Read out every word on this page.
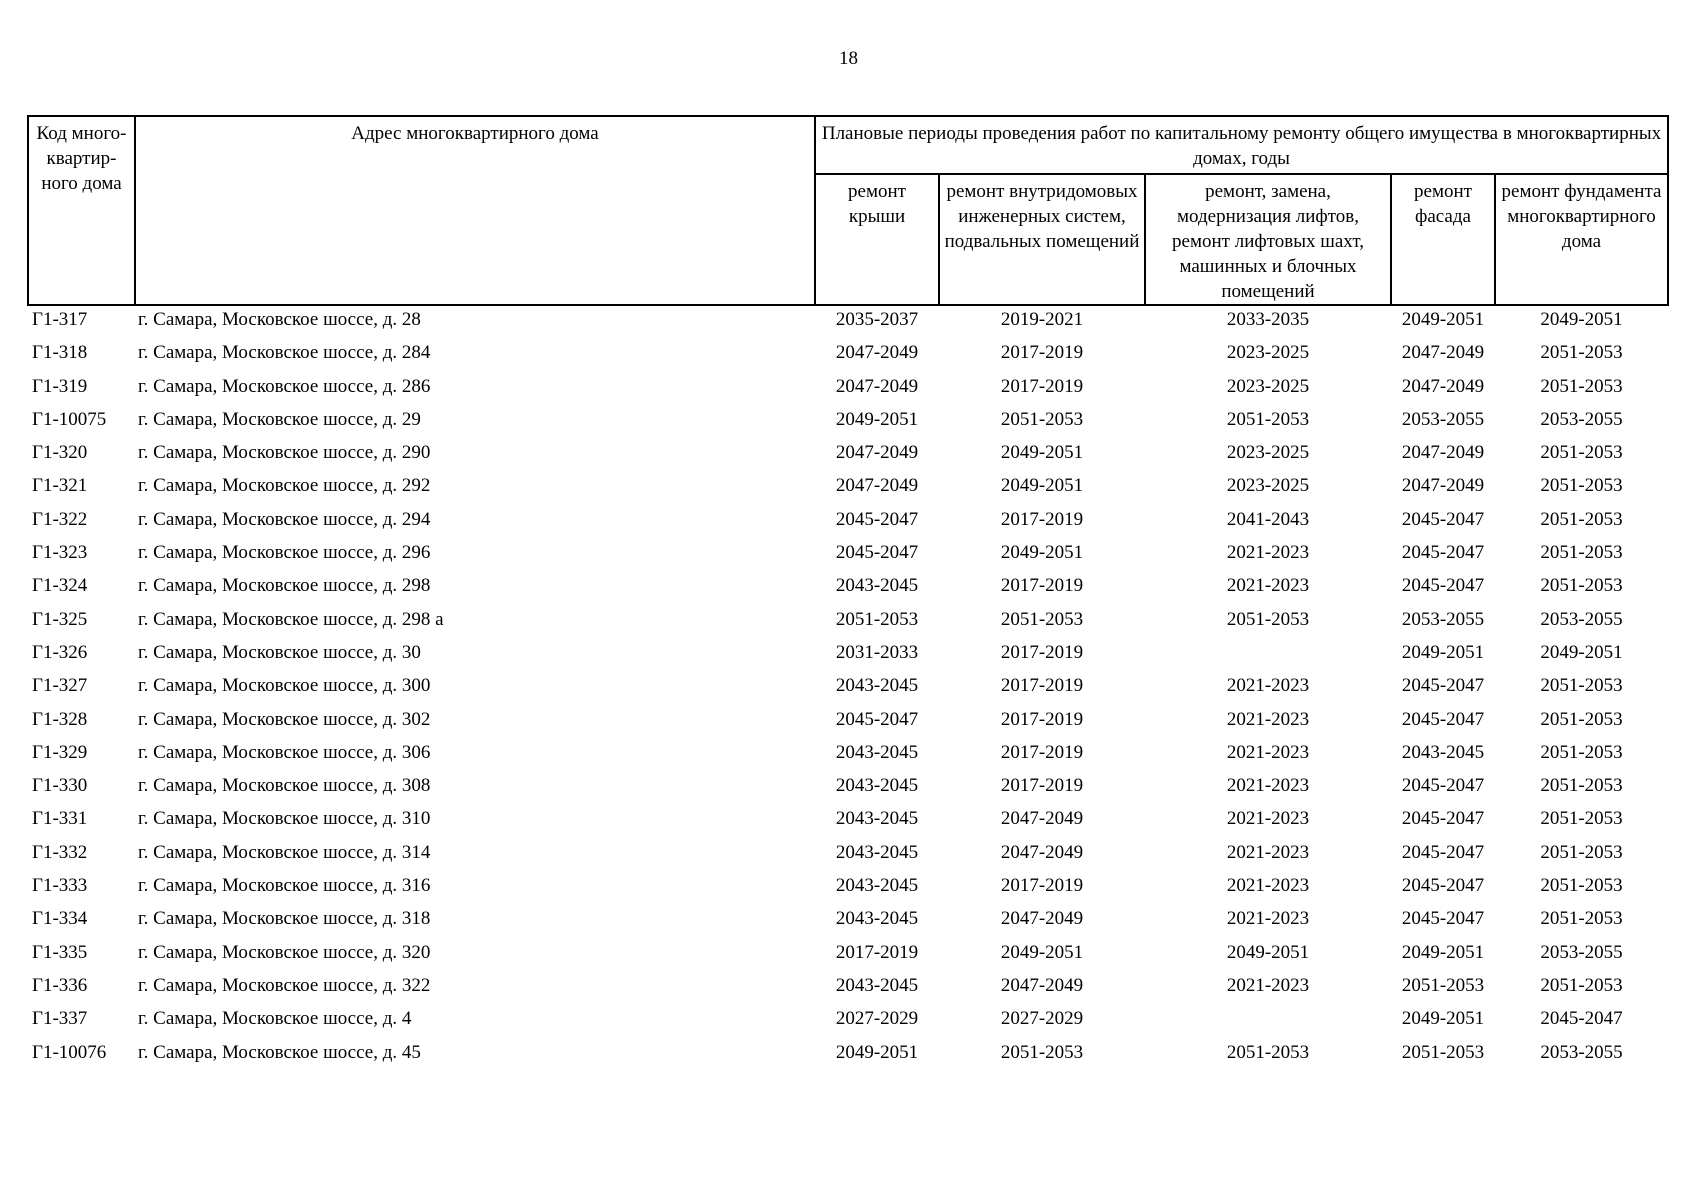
18
Код много-квартир-ного дома	Адрес многоквартирного дома	Плановые периоды проведения работ по капитальному ремонту общего имущества в многоквартирных домах, годы				
		ремонт крыши	ремонт внутридомовых инженерных систем, подвальных помещений	ремонт, замена, модернизация лифтов, ремонт лифтовых шахт, машинных и блочных помещений	ремонт фасада	ремонт фундамента многоквартирного дома
Г1-317	г. Самара, Московское шоссе, д. 28	2035-2037	2019-2021	2033-2035	2049-2051	2049-2051
Г1-318	г. Самара, Московское шоссе, д. 284	2047-2049	2017-2019	2023-2025	2047-2049	2051-2053
Г1-319	г. Самара, Московское шоссе, д. 286	2047-2049	2017-2019	2023-2025	2047-2049	2051-2053
Г1-10075	г. Самара, Московское шоссе, д. 29	2049-2051	2051-2053	2051-2053	2053-2055	2053-2055
Г1-320	г. Самара, Московское шоссе, д. 290	2047-2049	2049-2051	2023-2025	2047-2049	2051-2053
Г1-321	г. Самара, Московское шоссе, д. 292	2047-2049	2049-2051	2023-2025	2047-2049	2051-2053
Г1-322	г. Самара, Московское шоссе, д. 294	2045-2047	2017-2019	2041-2043	2045-2047	2051-2053
Г1-323	г. Самара, Московское шоссе, д. 296	2045-2047	2049-2051	2021-2023	2045-2047	2051-2053
Г1-324	г. Самара, Московское шоссе, д. 298	2043-2045	2017-2019	2021-2023	2045-2047	2051-2053
Г1-325	г. Самара, Московское шоссе, д. 298 а	2051-2053	2051-2053	2051-2053	2053-2055	2053-2055
Г1-326	г. Самара, Московское шоссе, д. 30	2031-2033	2017-2019		2049-2051	2049-2051
Г1-327	г. Самара, Московское шоссе, д. 300	2043-2045	2017-2019	2021-2023	2045-2047	2051-2053
Г1-328	г. Самара, Московское шоссе, д. 302	2045-2047	2017-2019	2021-2023	2045-2047	2051-2053
Г1-329	г. Самара, Московское шоссе, д. 306	2043-2045	2017-2019	2021-2023	2043-2045	2051-2053
Г1-330	г. Самара, Московское шоссе, д. 308	2043-2045	2017-2019	2021-2023	2045-2047	2051-2053
Г1-331	г. Самара, Московское шоссе, д. 310	2043-2045	2047-2049	2021-2023	2045-2047	2051-2053
Г1-332	г. Самара, Московское шоссе, д. 314	2043-2045	2047-2049	2021-2023	2045-2047	2051-2053
Г1-333	г. Самара, Московское шоссе, д. 316	2043-2045	2017-2019	2021-2023	2045-2047	2051-2053
Г1-334	г. Самара, Московское шоссе, д. 318	2043-2045	2047-2049	2021-2023	2045-2047	2051-2053
Г1-335	г. Самара, Московское шоссе, д. 320	2017-2019	2049-2051	2049-2051	2049-2051	2053-2055
Г1-336	г. Самара, Московское шоссе, д. 322	2043-2045	2047-2049	2021-2023	2051-2053	2051-2053
Г1-337	г. Самара, Московское шоссе, д. 4	2027-2029	2027-2029		2049-2051	2045-2047
Г1-10076	г. Самара, Московское шоссе, д. 45	2049-2051	2051-2053	2051-2053	2051-2053	2053-2055
